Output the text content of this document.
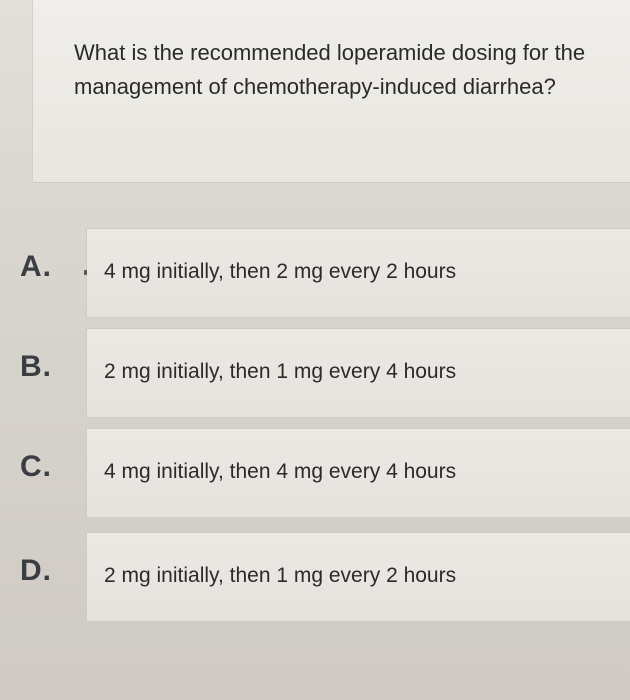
What is the recommended loperamide dosing for the management of chemotherapy-induced diarrhea?
A. 4 mg initially, then 2 mg every 2 hours
B. 2 mg initially, then 1 mg every 4 hours
C. 4 mg initially, then 4 mg every 4 hours
D. 2 mg initially, then 1 mg every 2 hours
